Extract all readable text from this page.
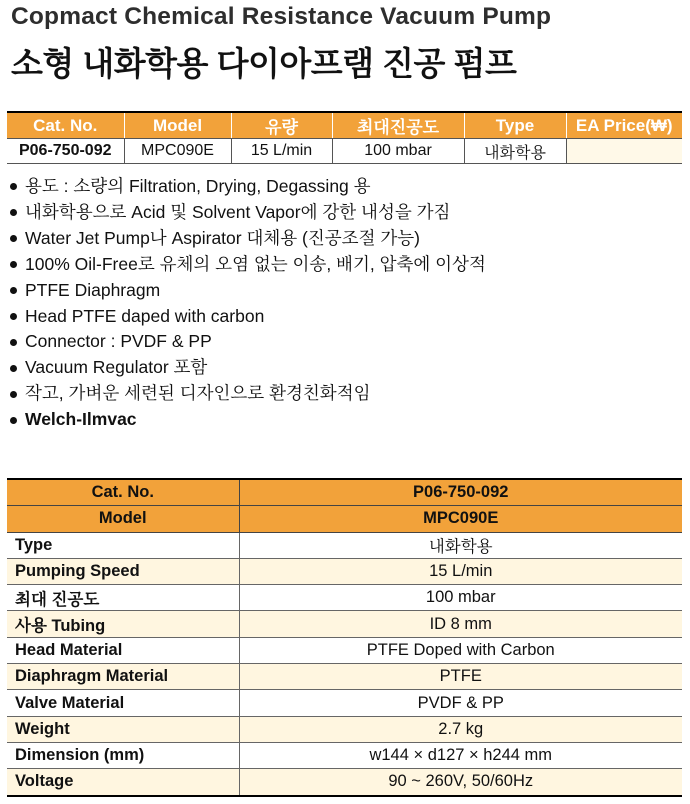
Copmact Chemical Resistance Vacuum Pump
소형 내화학용 다이아프램 진공 펌프
Cat. No.	Model	유량	최대진공도	Type	EA Price(₩)
P06-750-092	MPC090E	15 L/min	100 mbar	내화학용	
용도 : 소량의 Filtration, Drying, Degassing 용
내화학용으로 Acid 및 Solvent Vapor에 강한 내성을 가짐
Water Jet Pump나 Aspirator 대체용 (진공조절 가능)
100% Oil-Free로 유체의 오염 없는 이송, 배기, 압축에 이상적
PTFE Diaphragm
Head PTFE daped with carbon
Connector : PVDF & PP
Vacuum Regulator 포함
작고, 가벼운 세련된 디자인으로 환경친화적임
Welch-Ilmvac
Cat. No.	P06-750-092
Model	MPC090E
Type	내화학용
Pumping Speed	15 L/min
최대 진공도	100 mbar
사용 Tubing	ID 8 mm
Head Material	PTFE Doped with Carbon
Diaphragm Material	PTFE
Valve Material	PVDF & PP
Weight	2.7 kg
Dimension (mm)	w144 × d127 × h244 mm
Voltage	90 ~ 260V, 50/60Hz
